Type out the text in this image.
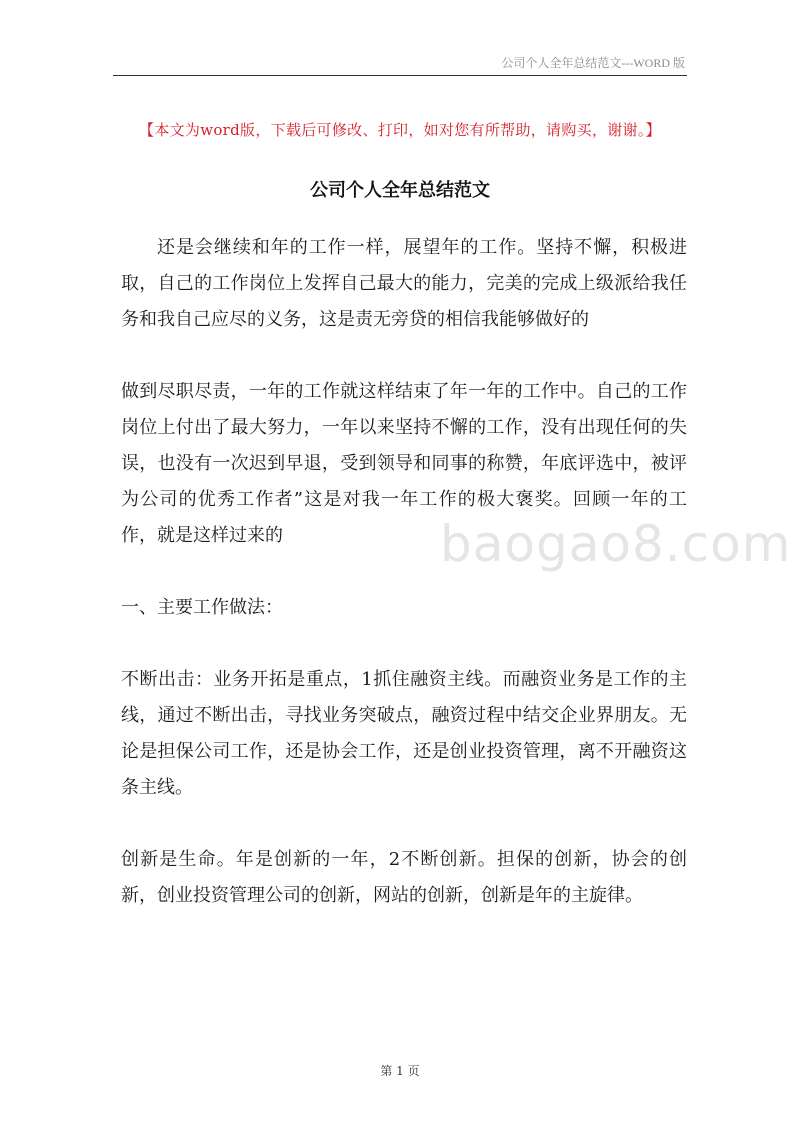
公司个人全年总结范文---WORD 版
【本文为word版，下载后可修改、打印，如对您有所帮助，请购买，谢谢。】
公司个人全年总结范文

还是会继续和年的工作一样，展望年的工作。坚持不懈，积极进取，自己的工作岗位上发挥自己最大的能力，完美的完成上级派给我任务和我自己应尽的义务，这是责无旁贷的相信我能够做好的

做到尽职尽责，一年的工作就这样结束了年一年的工作中。自己的工作岗位上付出了最大努力，一年以来坚持不懈的工作，没有出现任何的失误，也没有一次迟到早退，受到领导和同事的称赞，年底评选中，被评为公司的优秀工作者”这是对我一年工作的极大褒奖。回顾一年的工作，就是这样过来的

一、主要工作做法：

不断出击：业务开拓是重点，1抓住融资主线。而融资业务是工作的主线，通过不断出击，寻找业务突破点，融资过程中结交企业界朋友。无论是担保公司工作，还是协会工作，还是创业投资管理，离不开融资这条主线。

创新是生命。年是创新的一年，2不断创新。担保的创新，协会的创新，创业投资管理公司的创新，网站的创新，创新是年的主旋律。

baogao8.com
第 1 页
